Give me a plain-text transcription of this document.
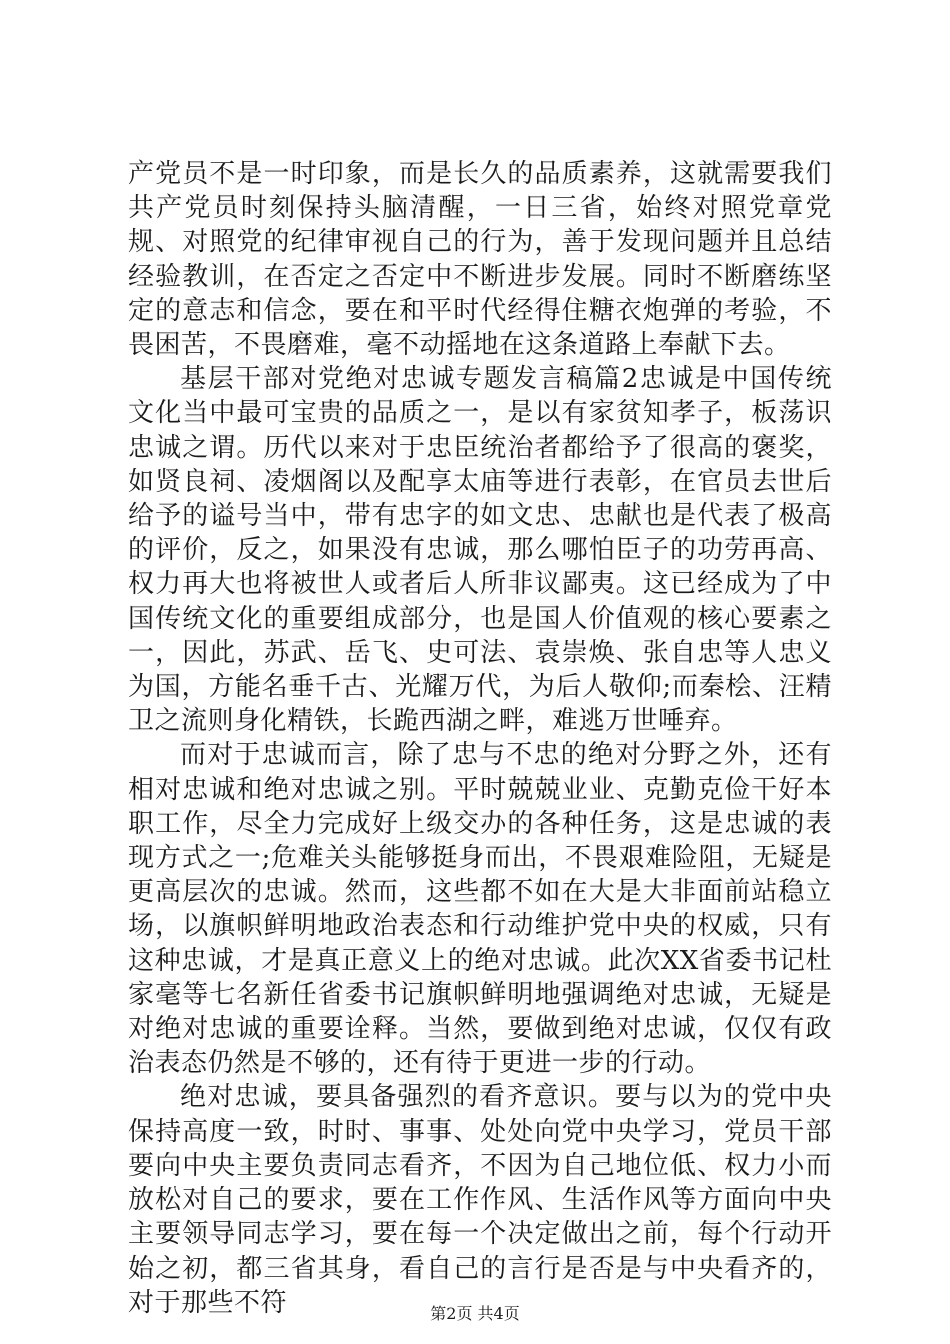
产党员不是一时印象，而是长久的品质素养，这就需要我们共产党员时刻保持头脑清醒，一日三省，始终对照党章党规、对照党的纪律审视自己的行为，善于发现问题并且总结经验教训，在否定之否定中不断进步发展。同时不断磨练坚定的意志和信念，要在和平时代经得住糖衣炮弹的考验，不畏困苦，不畏磨难，毫不动摇地在这条道路上奉献下去。

基层干部对党绝对忠诚专题发言稿篇2忠诚是中国传统文化当中最可宝贵的品质之一，是以有家贫知孝子，板荡识忠诚之谓。历代以来对于忠臣统治者都给予了很高的褒奖，如贤良祠、凌烟阁以及配享太庙等进行表彰，在官员去世后给予的谥号当中，带有忠字的如文忠、忠献也是代表了极高的评价，反之，如果没有忠诚，那么哪怕臣子的功劳再高、权力再大也将被世人或者后人所非议鄙夷。这已经成为了中国传统文化的重要组成部分，也是国人价值观的核心要素之一，因此，苏武、岳飞、史可法、袁崇焕、张自忠等人忠义为国，方能名垂千古、光耀万代，为后人敬仰;而秦桧、汪精卫之流则身化精铁，长跪西湖之畔，难逃万世唾弃。

而对于忠诚而言，除了忠与不忠的绝对分野之外，还有相对忠诚和绝对忠诚之别。平时兢兢业业、克勤克俭干好本职工作，尽全力完成好上级交办的各种任务，这是忠诚的表现方式之一;危难关头能够挺身而出，不畏艰难险阻，无疑是更高层次的忠诚。然而，这些都不如在大是大非面前站稳立场，以旗帜鲜明地政治表态和行动维护党中央的权威，只有这种忠诚，才是真正意义上的绝对忠诚。此次XX省委书记杜家毫等七名新任省委书记旗帜鲜明地强调绝对忠诚，无疑是对绝对忠诚的重要诠释。当然，要做到绝对忠诚，仅仅有政治表态仍然是不够的，还有待于更进一步的行动。

绝对忠诚，要具备强烈的看齐意识。要与以为的党中央保持高度一致，时时、事事、处处向党中央学习，党员干部要向中央主要负责同志看齐，不因为自己地位低、权力小而放松对自己的要求，要在工作作风、生活作风等方面向中央主要领导同志学习，要在每一个决定做出之前，每个行动开始之初，都三省其身，看自己的言行是否是与中央看齐的，对于那些不符	第2页 共4页
